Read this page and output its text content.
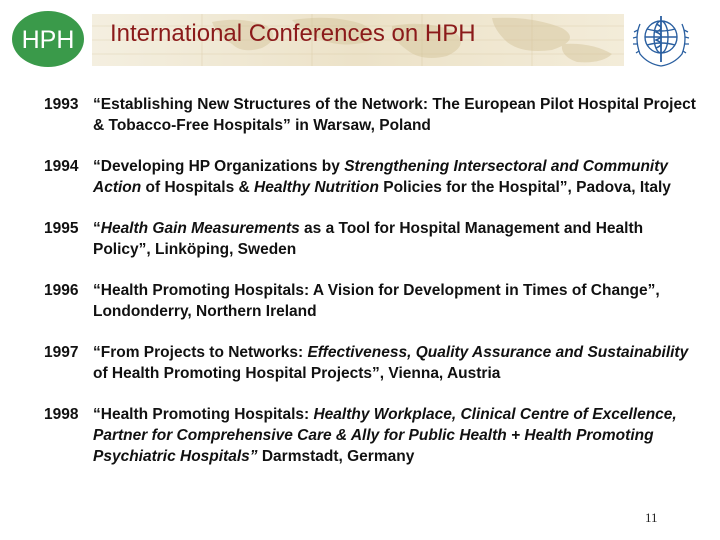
HPH International Conferences on HPH
1993 “Establishing New Structures of the Network: The European Pilot Hospital Project & Tobacco-Free Hospitals” in Warsaw, Poland
1994 “Developing HP Organizations by Strengthening Intersectoral and Community Action of Hospitals & Healthy Nutrition Policies for the Hospital”, Padova, Italy
1995 “Health Gain Measurements as a Tool for Hospital Management and Health Policy”, Linköping, Sweden
1996 “Health Promoting Hospitals: A Vision for Development in Times of Change”, Londonderry, Northern Ireland
1997 “From Projects to Networks: Effectiveness, Quality Assurance and Sustainability of Health Promoting Hospital Projects”, Vienna, Austria
1998 “Health Promoting Hospitals: Healthy Workplace, Clinical Centre of Excellence, Partner for Comprehensive Care & Ally for Public Health + Health Promoting Psychiatric Hospitals” Darmstadt, Germany
11
